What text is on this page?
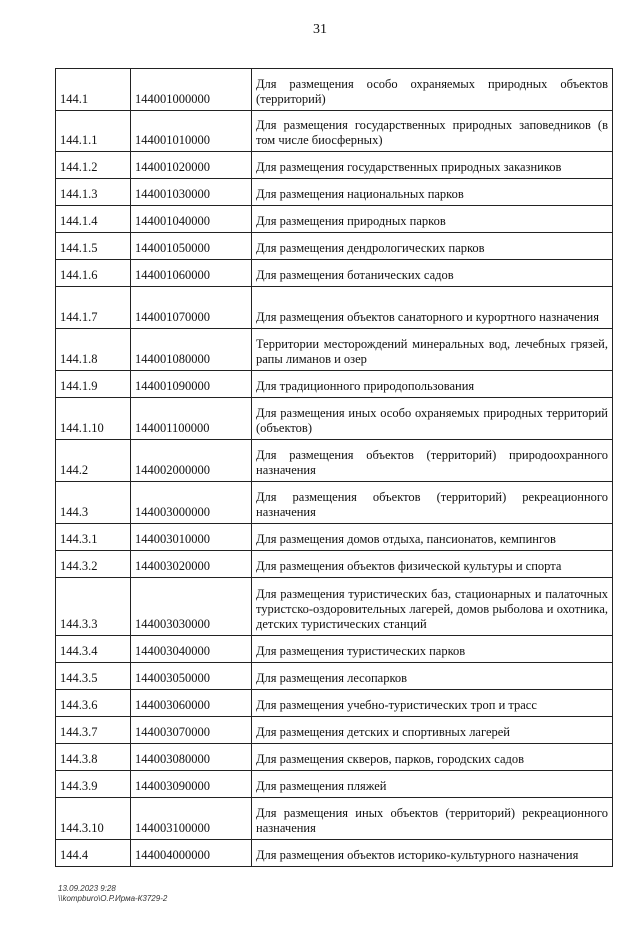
31
144.1	144001000000	Для размещения особо охраняемых природных объектов (территорий)
144.1.1	144001010000	Для размещения государственных природных заповедников (в том числе биосферных)
144.1.2	144001020000	Для размещения государственных природных заказников
144.1.3	144001030000	Для размещения национальных парков
144.1.4	144001040000	Для размещения природных парков
144.1.5	144001050000	Для размещения дендрологических парков
144.1.6	144001060000	Для размещения ботанических садов
144.1.7	144001070000	Для размещения объектов санаторного и курортного назначения
144.1.8	144001080000	Территории месторождений минеральных вод, лечебных грязей, рапы лиманов и озер
144.1.9	144001090000	Для традиционного природопользования
144.1.10	144001100000	Для размещения иных особо охраняемых природных территорий (объектов)
144.2	144002000000	Для размещения объектов (территорий) природоохранного назначения
144.3	144003000000	Для размещения объектов (территорий) рекреационного назначения
144.3.1	144003010000	Для размещения домов отдыха, пансионатов, кемпингов
144.3.2	144003020000	Для размещения объектов физической культуры и спорта
144.3.3	144003030000	Для размещения туристических баз, стационарных и палаточных туристско-оздоровительных лагерей, домов рыболова и охотника, детских туристических станций
144.3.4	144003040000	Для размещения туристических парков
144.3.5	144003050000	Для размещения лесопарков
144.3.6	144003060000	Для размещения учебно-туристических троп и трасс
144.3.7	144003070000	Для размещения детских и спортивных лагерей
144.3.8	144003080000	Для размещения скверов, парков, городских садов
144.3.9	144003090000	Для размещения пляжей
144.3.10	144003100000	Для размещения иных объектов (территорий) рекреационного назначения
144.4	144004000000	Для размещения объектов историко-культурного назначения
13.09.2023 9:28
\\kompburo\О.Р.Ирма-К3729-2
